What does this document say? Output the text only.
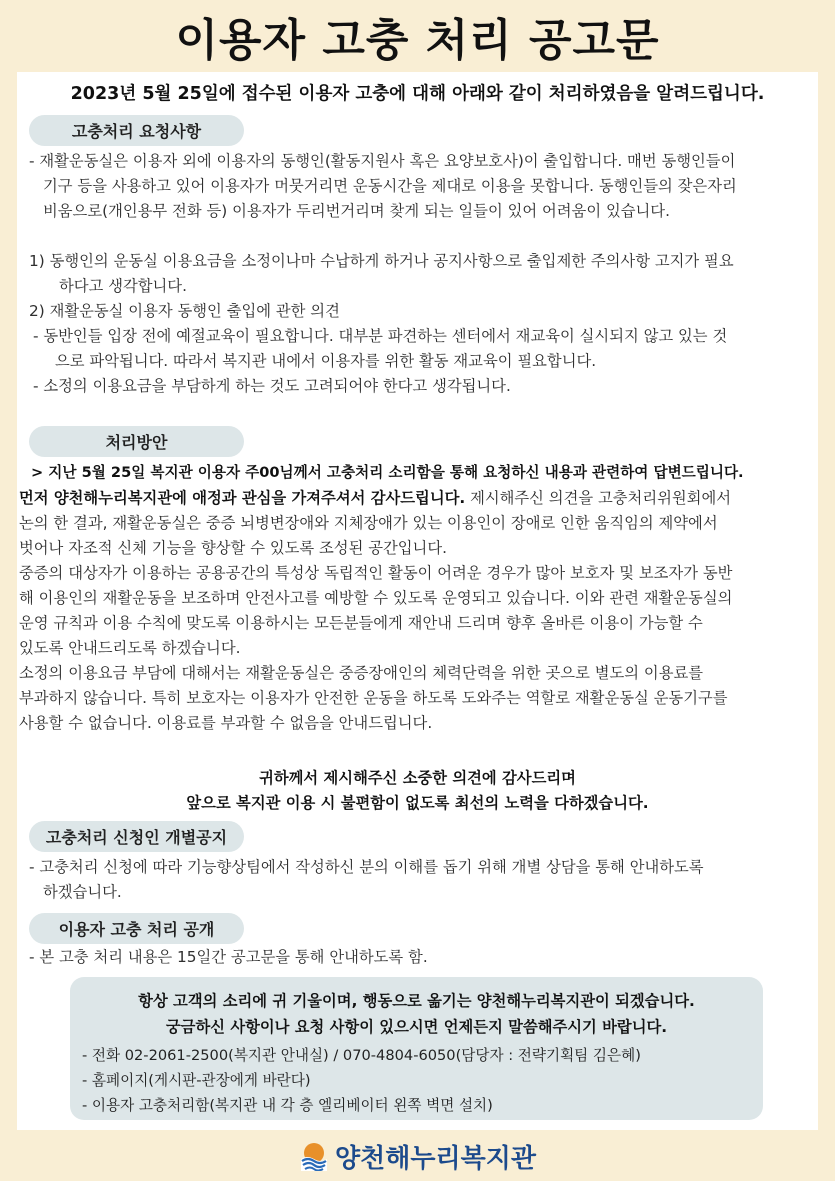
이용자 고충 처리 공고문
2023년 5월 25일에 접수된 이용자 고충에 대해 아래와 같이 처리하였음을 알려드립니다.
고충처리 요청사항

- 재활운동실은 이용자 외에 이용자의 동행인(활동지원사 혹은 요양보호사)이 출입합니다. 매번 동행인들이

기구 등을 사용하고 있어 이용자가 머뭇거리면 운동시간을 제대로 이용을 못합니다. 동행인들의 잦은자리

비움으로(개인용무 전화 등) 이용자가 두리번거리며 찾게 되는 일들이 있어 어려움이 있습니다.

1) 동행인의 운동실 이용요금을 소정이나마 수납하게 하거나 공지사항으로 출입제한 주의사항 고지가 필요

하다고 생각합니다.

2) 재활운동실 이용자 동행인 출입에 관한 의견

- 동반인들 입장 전에 예절교육이 필요합니다. 대부분 파견하는 센터에서 재교육이 실시되지 않고 있는 것

으로 파악됩니다. 따라서 복지관 내에서 이용자를 위한 활동 재교육이 필요합니다.

- 소정의 이용요금을 부담하게 하는 것도 고려되어야 한다고 생각됩니다.

처리방안
> 지난 5월 25일 복지관 이용자 주00님께서 고충처리 소리함을 통해 요청하신 내용과 관련하여 답변드립니다.

먼저 양천해누리복지관에 애정과 관심을 가져주셔서 감사드립니다. 제시해주신 의견을 고충처리위원회에서

논의 한 결과, 재활운동실은 중증 뇌병변장애와 지체장애가 있는 이용인이 장애로 인한 움직임의 제약에서

벗어나 자조적 신체 기능을 향상할 수 있도록 조성된 공간입니다.

중증의 대상자가 이용하는 공용공간의 특성상 독립적인 활동이 어려운 경우가 많아 보호자 및 보조자가 동반

해 이용인의 재활운동을 보조하며 안전사고를 예방할 수 있도록 운영되고 있습니다. 이와 관련 재활운동실의

운영 규칙과 이용 수칙에 맞도록 이용하시는 모든분들에게 재안내 드리며 향후 올바른 이용이 가능할 수

있도록 안내드리도록 하겠습니다.

소정의 이용요금 부담에 대해서는 재활운동실은 중증장애인의 체력단력을 위한 곳으로 별도의 이용료를

부과하지 않습니다. 특히 보호자는 이용자가 안전한 운동을 하도록 도와주는 역할로 재활운동실 운동기구를

사용할 수 없습니다. 이용료를 부과할 수 없음을 안내드립니다.

귀하께서 제시해주신 소중한 의견에 감사드리며

앞으로 복지관 이용 시 불편함이 없도록 최선의 노력을 다하겠습니다.

고충처리 신청인 개별공지

- 고충처리 신청에 따라 기능향상팀에서 작성하신 분의 이해를 돕기 위해 개별 상담을 통해 안내하도록

하겠습니다.

이용자 고충 처리 공개

- 본 고충 처리 내용은 15일간 공고문을 통해 안내하도록 함.

항상 고객의 소리에 귀 기울이며, 행동으로 옮기는 양천해누리복지관이 되겠습니다.
궁금하신 사항이나 요청 사항이 있으시면 언제든지 말씀해주시기 바랍니다.
- 전화 02-2061-2500(복지관 안내실) / 070-4804-6050(담당자 : 전략기획팀 김은혜)
- 홈페이지(게시판-관장에게 바란다)
- 이용자 고충처리함(복지관 내 각 층 엘리베이터 왼쪽 벽면 설치)
양천해누리복지관
